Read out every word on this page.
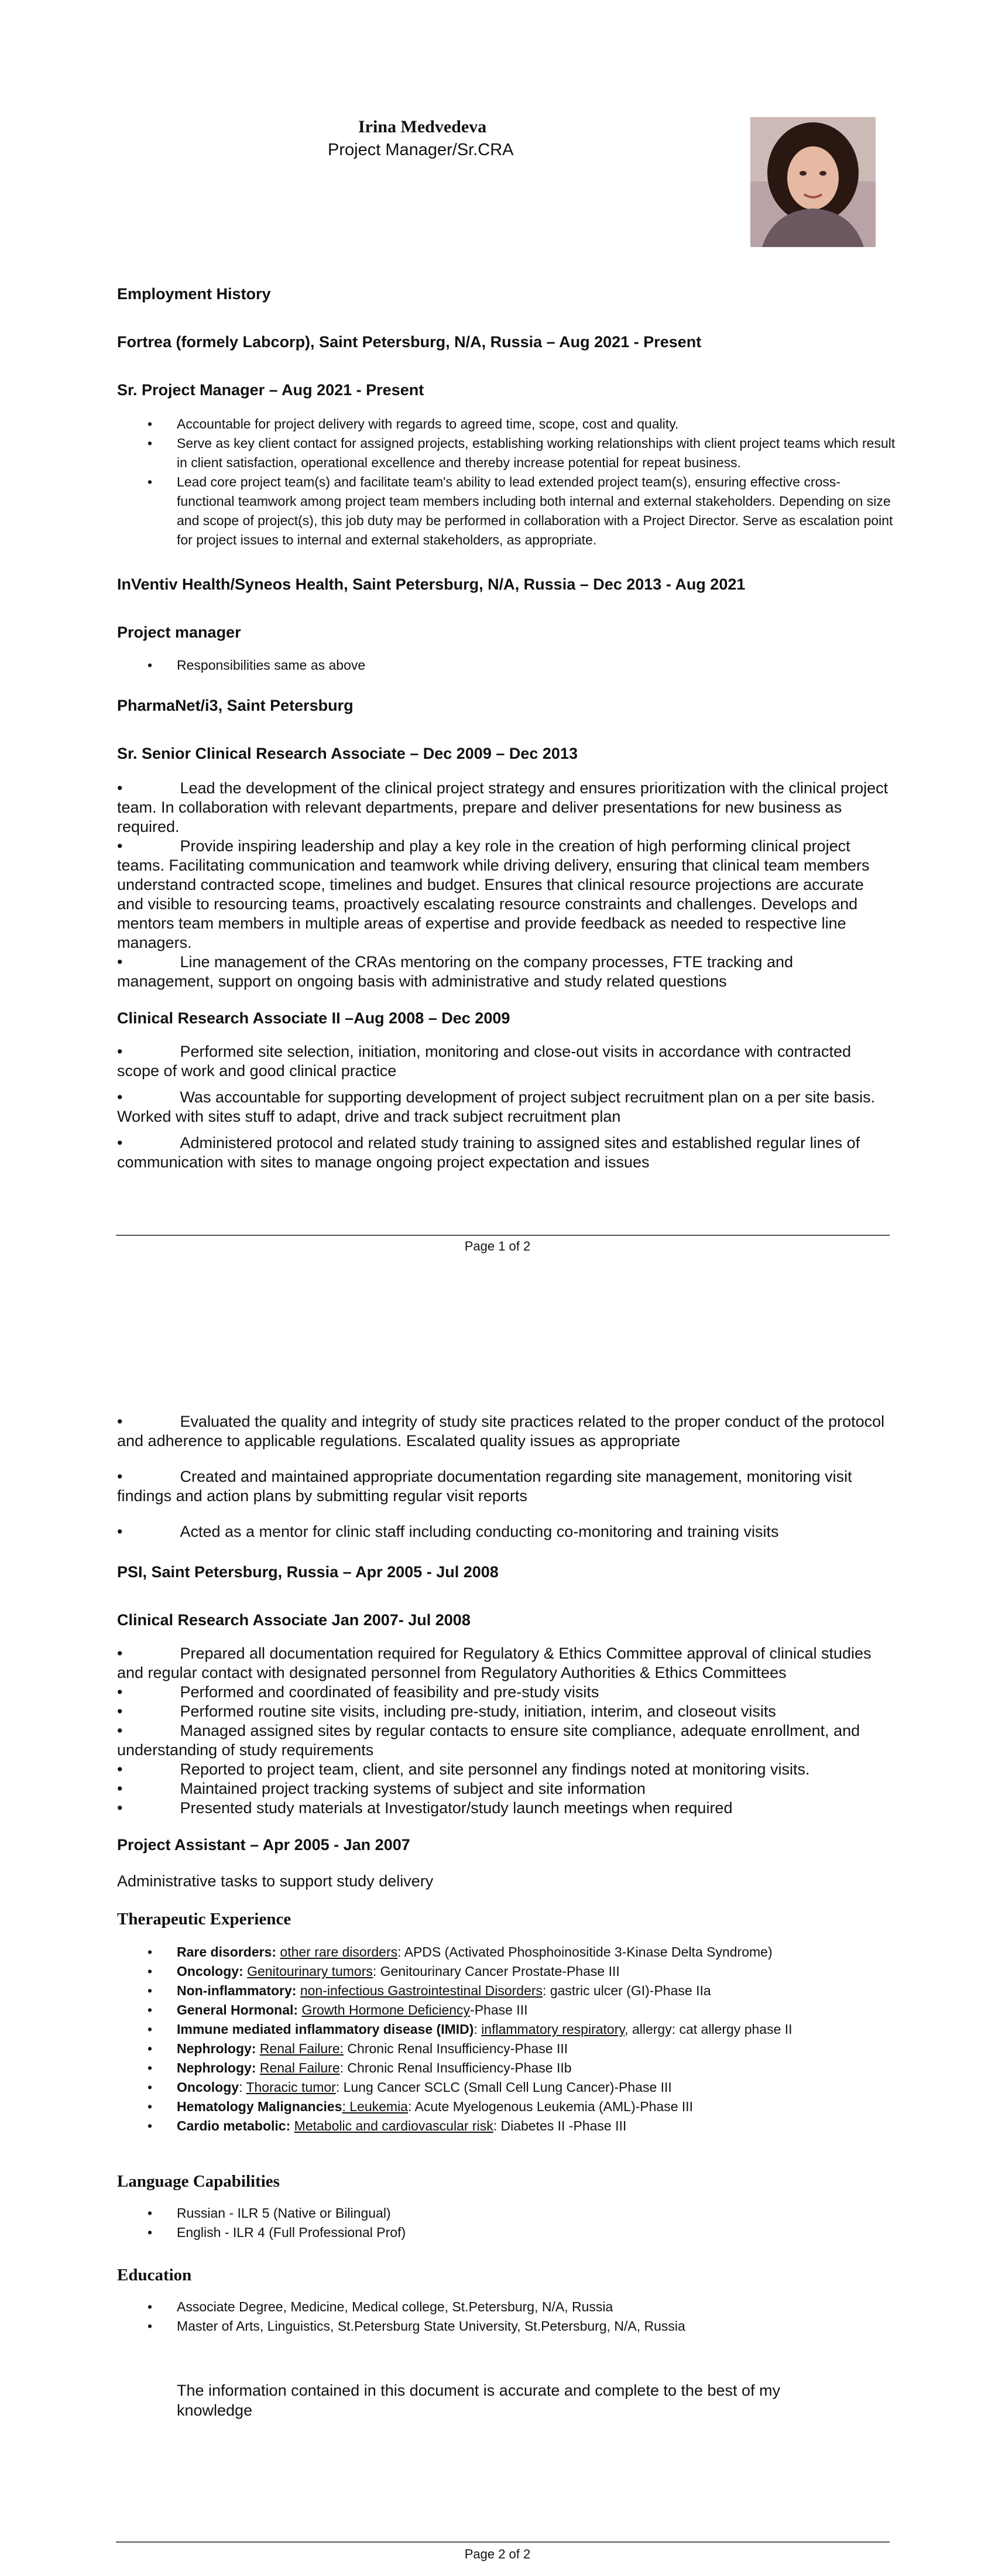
Irina Medvedeva
Project Manager/Sr.CRA
Employment History
Fortrea (formely Labcorp), Saint Petersburg, N/A, Russia – Aug 2021 - Present
Sr. Project Manager – Aug 2021 - Present
• Accountable for project delivery with regards to agreed time, scope, cost and quality.
• Serve as key client contact for assigned projects, establishing working relationships with client project teams which result in client satisfaction, operational excellence and thereby increase potential for repeat business.
• Lead core project team(s) and facilitate team's ability to lead extended project team(s), ensuring effective cross-functional teamwork among project team members including both internal and external stakeholders. Depending on size and scope of project(s), this job duty may be performed in collaboration with a Project Director. Serve as escalation point for project issues to internal and external stakeholders, as appropriate.
InVentiv Health/Syneos Health, Saint Petersburg, N/A, Russia – Dec 2013 - Aug 2021
Project manager
• Responsibilities same as above
PharmaNet/i3, Saint Petersburg
Sr. Senior Clinical Research Associate – Dec 2009 – Dec 2013
•	Lead the development of the clinical project strategy and ensures prioritization with the clinical project team. In collaboration with relevant departments, prepare and deliver presentations for new business as required.
•	Provide inspiring leadership and play a key role in the creation of high performing clinical project teams. Facilitating communication and teamwork while driving delivery, ensuring that clinical team members understand contracted scope, timelines and budget. Ensures that clinical resource projections are accurate and visible to resourcing teams, proactively escalating resource constraints and challenges. Develops and mentors team members in multiple areas of expertise and provide feedback as needed to respective line managers.
•	Line management of the CRAs mentoring on the company processes, FTE tracking and management, support on ongoing basis with administrative and study related questions
Clinical Research Associate II –Aug 2008 – Dec 2009
•	Performed site selection, initiation, monitoring and close-out visits in accordance with contracted scope of work and good clinical practice
•	Was accountable for supporting development of project subject recruitment plan on a per site basis. Worked with sites stuff to adapt, drive and track subject recruitment plan
•	Administered protocol and related study training to assigned sites and established regular lines of communication with sites to manage ongoing project expectation and issues
Page 1 of 2
•	Evaluated the quality and integrity of study site practices related to the proper conduct of the protocol and adherence to applicable regulations. Escalated quality issues as appropriate
•	Created and maintained appropriate documentation regarding site management, monitoring visit findings and action plans by submitting regular visit reports
•	Acted as a mentor for clinic staff including conducting co-monitoring and training visits
PSI, Saint Petersburg, Russia – Apr 2005 - Jul 2008
Clinical Research Associate Jan 2007- Jul 2008
•	Prepared all documentation required for Regulatory & Ethics Committee approval of clinical studies and regular contact with designated personnel from Regulatory Authorities & Ethics Committees
•	Performed and coordinated of feasibility and pre-study visits
•	Performed routine site visits, including pre-study, initiation, interim, and closeout visits
•	Managed assigned sites by regular contacts to ensure site compliance, adequate enrollment, and understanding of study requirements
•	Reported to project team, client, and site personnel any findings noted at monitoring visits.
•	Maintained project tracking systems of subject and site information
•	Presented study materials at Investigator/study launch meetings when required
Project Assistant – Apr 2005 - Jan 2007
Administrative tasks to support study delivery
Therapeutic Experience
• Rare disorders: other rare disorders: APDS (Activated Phosphoinositide 3-Kinase Delta Syndrome)
• Oncology: Genitourinary tumors: Genitourinary Cancer Prostate-Phase III
• Non-inflammatory: non-infectious Gastrointestinal Disorders: gastric ulcer (GI)-Phase IIa
• General Hormonal: Growth Hormone Deficiency-Phase III
• Immune mediated inflammatory disease (IMID): inflammatory respiratory, allergy: cat allergy phase II
• Nephrology: Renal Failure: Chronic Renal Insufficiency-Phase III
• Nephrology: Renal Failure: Chronic Renal Insufficiency-Phase IIb
• Oncology: Thoracic tumor: Lung Cancer SCLC (Small Cell Lung Cancer)-Phase III
• Hematology Malignancies: Leukemia: Acute Myelogenous Leukemia (AML)-Phase III
• Cardio metabolic: Metabolic and cardiovascular risk: Diabetes II -Phase III
Language Capabilities
• Russian - ILR 5 (Native or Bilingual)
• English - ILR 4 (Full Professional Prof)
Education
• Associate Degree, Medicine, Medical college, St.Petersburg, N/A, Russia
• Master of Arts, Linguistics, St.Petersburg State University, St.Petersburg, N/A, Russia
The information contained in this document is accurate and complete to the best of my knowledge
Page 2 of 2
